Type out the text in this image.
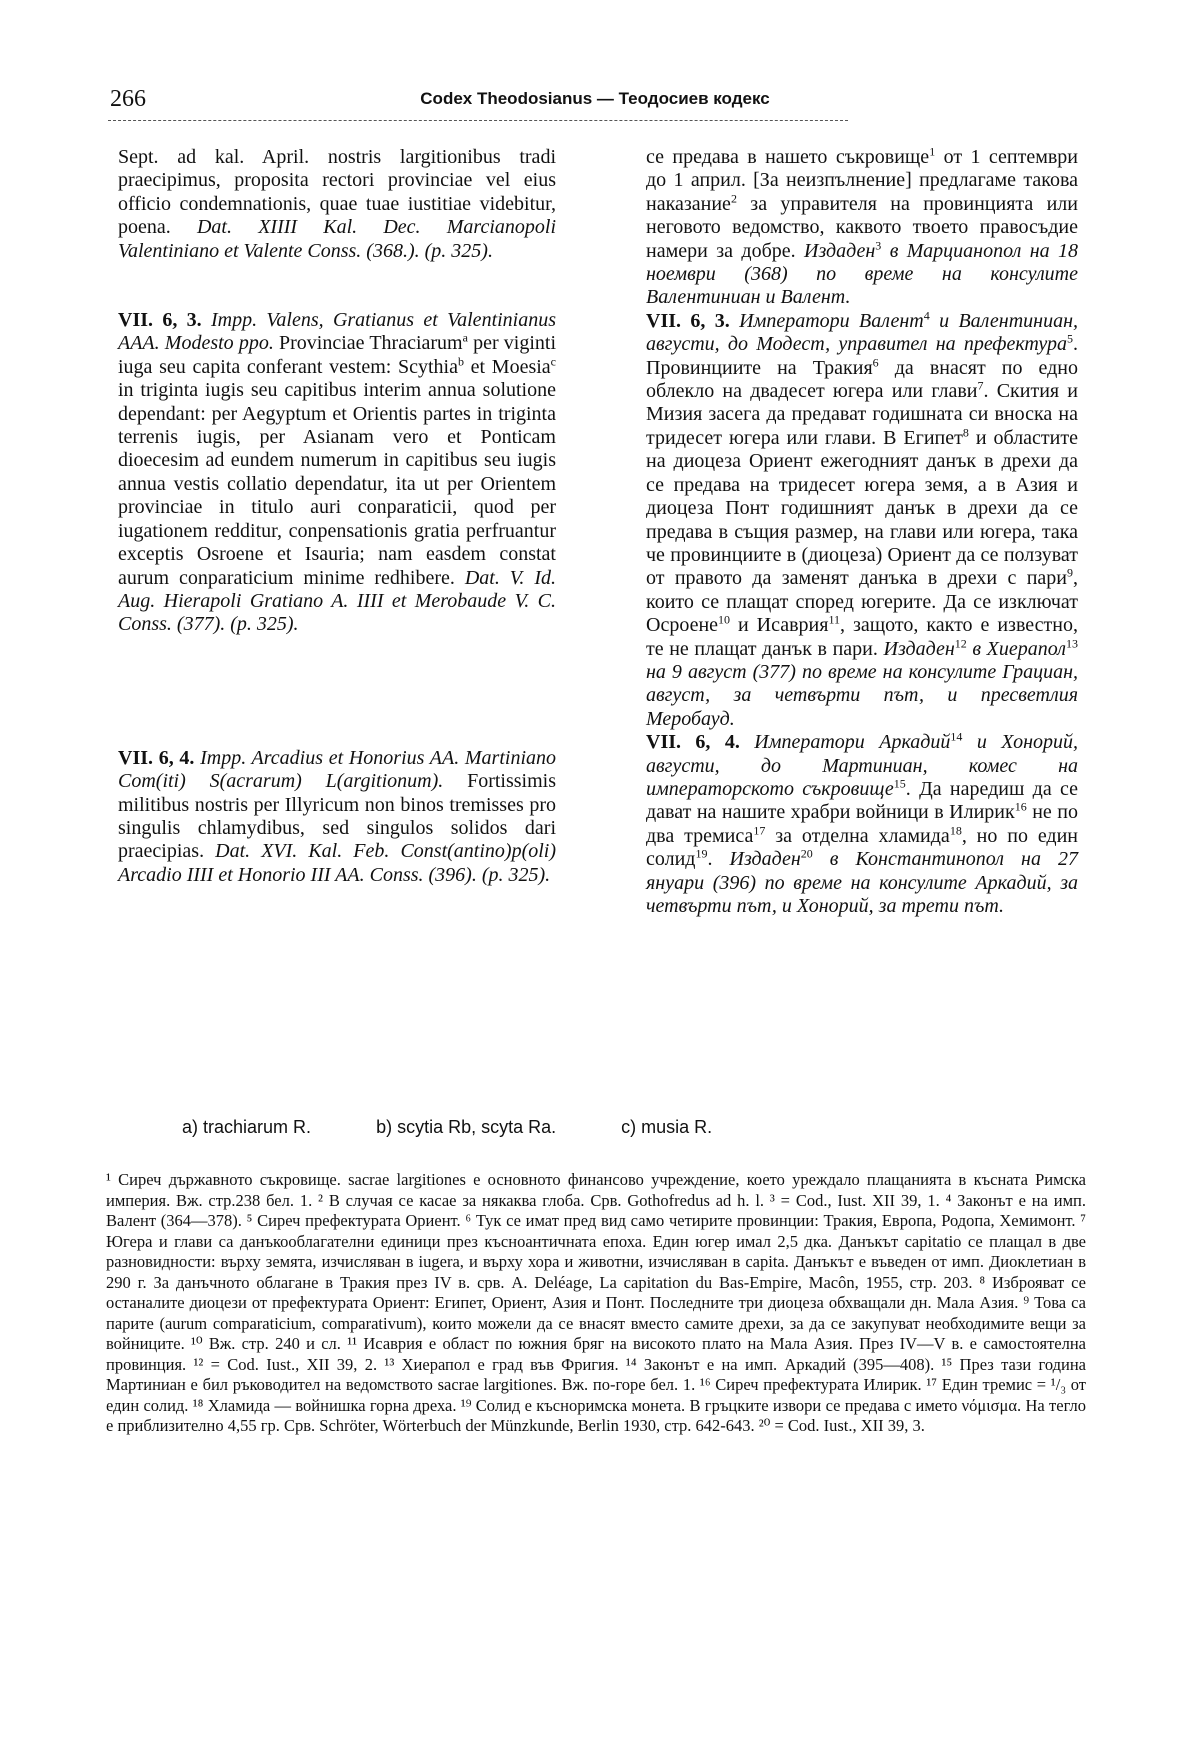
266	Codex Theodosianus — Теодосиев кодекс

Sept. ad kal. April. nostris largitionibus tradi praecipimus, proposita rectori provinciae vel eius officio condemnationis, quae tuae iustitiae videbitur, poena. Dat. XIIII Kal. Dec. Marcianopoli Valentiniano et Valente Conss. (368.). (p. 325).

VII. 6, 3. Impp. Valens, Gratianus et Valentinianus AAA. Modesto ppo. Provinciae Thraciarum$^a$ per viginti iuga seu capita conferant vestem: Scythia$^b$ et Moesia$^c$ in triginta iugis seu capitibus interim annua solutione dependant: per Aegyptum et Orientis partes in triginta terrenis iugis, per Asianam vero et Ponticam dioecesim ad eundem numerum in capitibus seu iugis annua vestis collatio dependatur, ita ut per Orientem provinciae in titulo auri conparaticii, quod per iugationem redditur, conpensationis gratia perfruantur exceptis Osroene et Isauria; nam easdem constat aurum conparaticium minime redhibere. Dat. V. Id. Aug. Hierapoli Gratiano A. IIII et Merobaude V. C. Conss. (377). (p. 325).

VII. 6, 4. Impp. Arcadius et Honorius AA. Martiniano Com(iti) S(acrarum) L(argitionum). Fortissimis militibus nostris per Illyricum non binos tremisses pro singulis chlamydibus, sed singulos solidos dari praecipias. Dat. XVI. Kal. Feb. Const(antino)p(oli) Arcadio IIII et Honorio III AA. Conss. (396). (p. 325).

се предава в нашето съкровище$^1$ от 1 септември до 1 април. [За неизпълнение] предлагаме такова наказание$^2$ за управителя на провинцията или неговото ведомство, каквото твоето правосъдие намери за добре. Издаден$^3$ в Марцианопол на 18 ноември (368) по време на консулите Валентиниан и Валент.

VII. 6, 3. Императори Валент$^4$ и Валентиниан, августи, до Модест, управител на префектура$^5$. Провинциите на Тракия$^6$ да внасят по едно облекло на двадесет югера или глави$^7$. Скития и Мизия засега да предават годишната си вноска на тридесет югера или глави. В Египет$^8$ и областите на диоцеза Ориент ежегодният данък в дрехи да се предава на тридесет югера земя, а в Азия и диоцеза Понт годишният данък в дрехи да се предава в същия размер, на глави или югера, така че провинциите в (диоцеза) Ориент да се ползуват от правото да заменят данъка в дрехи с пари$^9$, които се плащат според югерите. Да се изключат Осроене$^{10}$ и Исаврия$^{11}$, защото, както е известно, те не плащат данък в пари. Издаден$^{12}$ в Хиерапол$^{13}$ на 9 август (377) по време на консулите Грациан, август, за четвърти път, и пресветлия Меробауд.

VII. 6, 4. Императори Аркадий$^{14}$ и Хонорий, августи, до Мартиниан, комес на императорското съкровище$^{15}$. Да наредиш да се дават на нашите храбри войници в Илирик$^{16}$ не по два тремиса$^{17}$ за отделна хламида$^{18}$, но по един солид$^{19}$. Издаден$^{20}$ в Константинопол на 27 януари (396) по време на консулите Аркадий, за четвърти път, и Хонорий, за трети път.

a) trachiarum R.	b) scytia Rb, scyta Ra.	c) musia R.

¹ Сиреч държавното съкровище. sacrae largitiones е основното финансово учреждение, което уреждало плащанията в късната Римска империя. Вж. стр.238 бел. 1. ² В случая се касае за някаква глоба. Срв. Gothofredus ad h. l. ³ = Cod., Iust. XII 39, 1. ⁴ Законът е на имп. Валент (364—378). ⁵ Сиреч префектурата Ориент. ⁶ Тук се имат пред вид само четирите провинции: Тракия, Европа, Родопа, Хемимонт. ⁷ Югера и глави са данъкооблагателни единици през късноантичната епоха. Един югер имал 2,5 дка. Данъкът capitatio се плащал в две разновидности: върху земята, изчисляван в iugera, и върху хора и животни, изчисляван в capita. Данъкът е въведен от имп. Диоклетиан в 290 г. За данъчното облагане в Тракия през IV в. срв. A. Deléage, La capitation du Bas-Empire, Macôn, 1955, стр. 203. ⁸ Изброяват се останалите диоцези от префектурата Ориент: Египет, Ориент, Азия и Понт. Последните три диоцеза обхващали дн. Мала Азия. ⁹ Това са парите (aurum comparaticium, comparativum), които можели да се внасят вместо самите дрехи, за да се закупуват необходимите вещи за войниците. ¹⁰ Вж. стр. 240 и сл. ¹¹ Исаврия е област по южния бряг на високото плато на Мала Азия. През IV—V в. е самостоятелна провинция. ¹² = Cod. Iust., XII 39, 2. ¹³ Хиерапол е град във Фригия. ¹⁴ Законът е на имп. Аркадий (395—408). ¹⁵ През тази година Мартиниан е бил ръководител на ведомството sacrae largitiones. Вж. по-горе бел. 1. ¹⁶ Сиреч префектурата Илирик. ¹⁷ Един тремис = ¹/₃ от един солид. ¹⁸ Хламида — войнишка горна дреха. ¹⁹ Солид е късноримска монета. В гръцките извори се предава с името νόμισμα. На тегло е приблизително 4,55 гр. Срв. Schröter, Wörterbuch der Münzkunde, Berlin 1930, стр. 642-643. ²⁰ = Cod. Iust., XII 39, 3.
